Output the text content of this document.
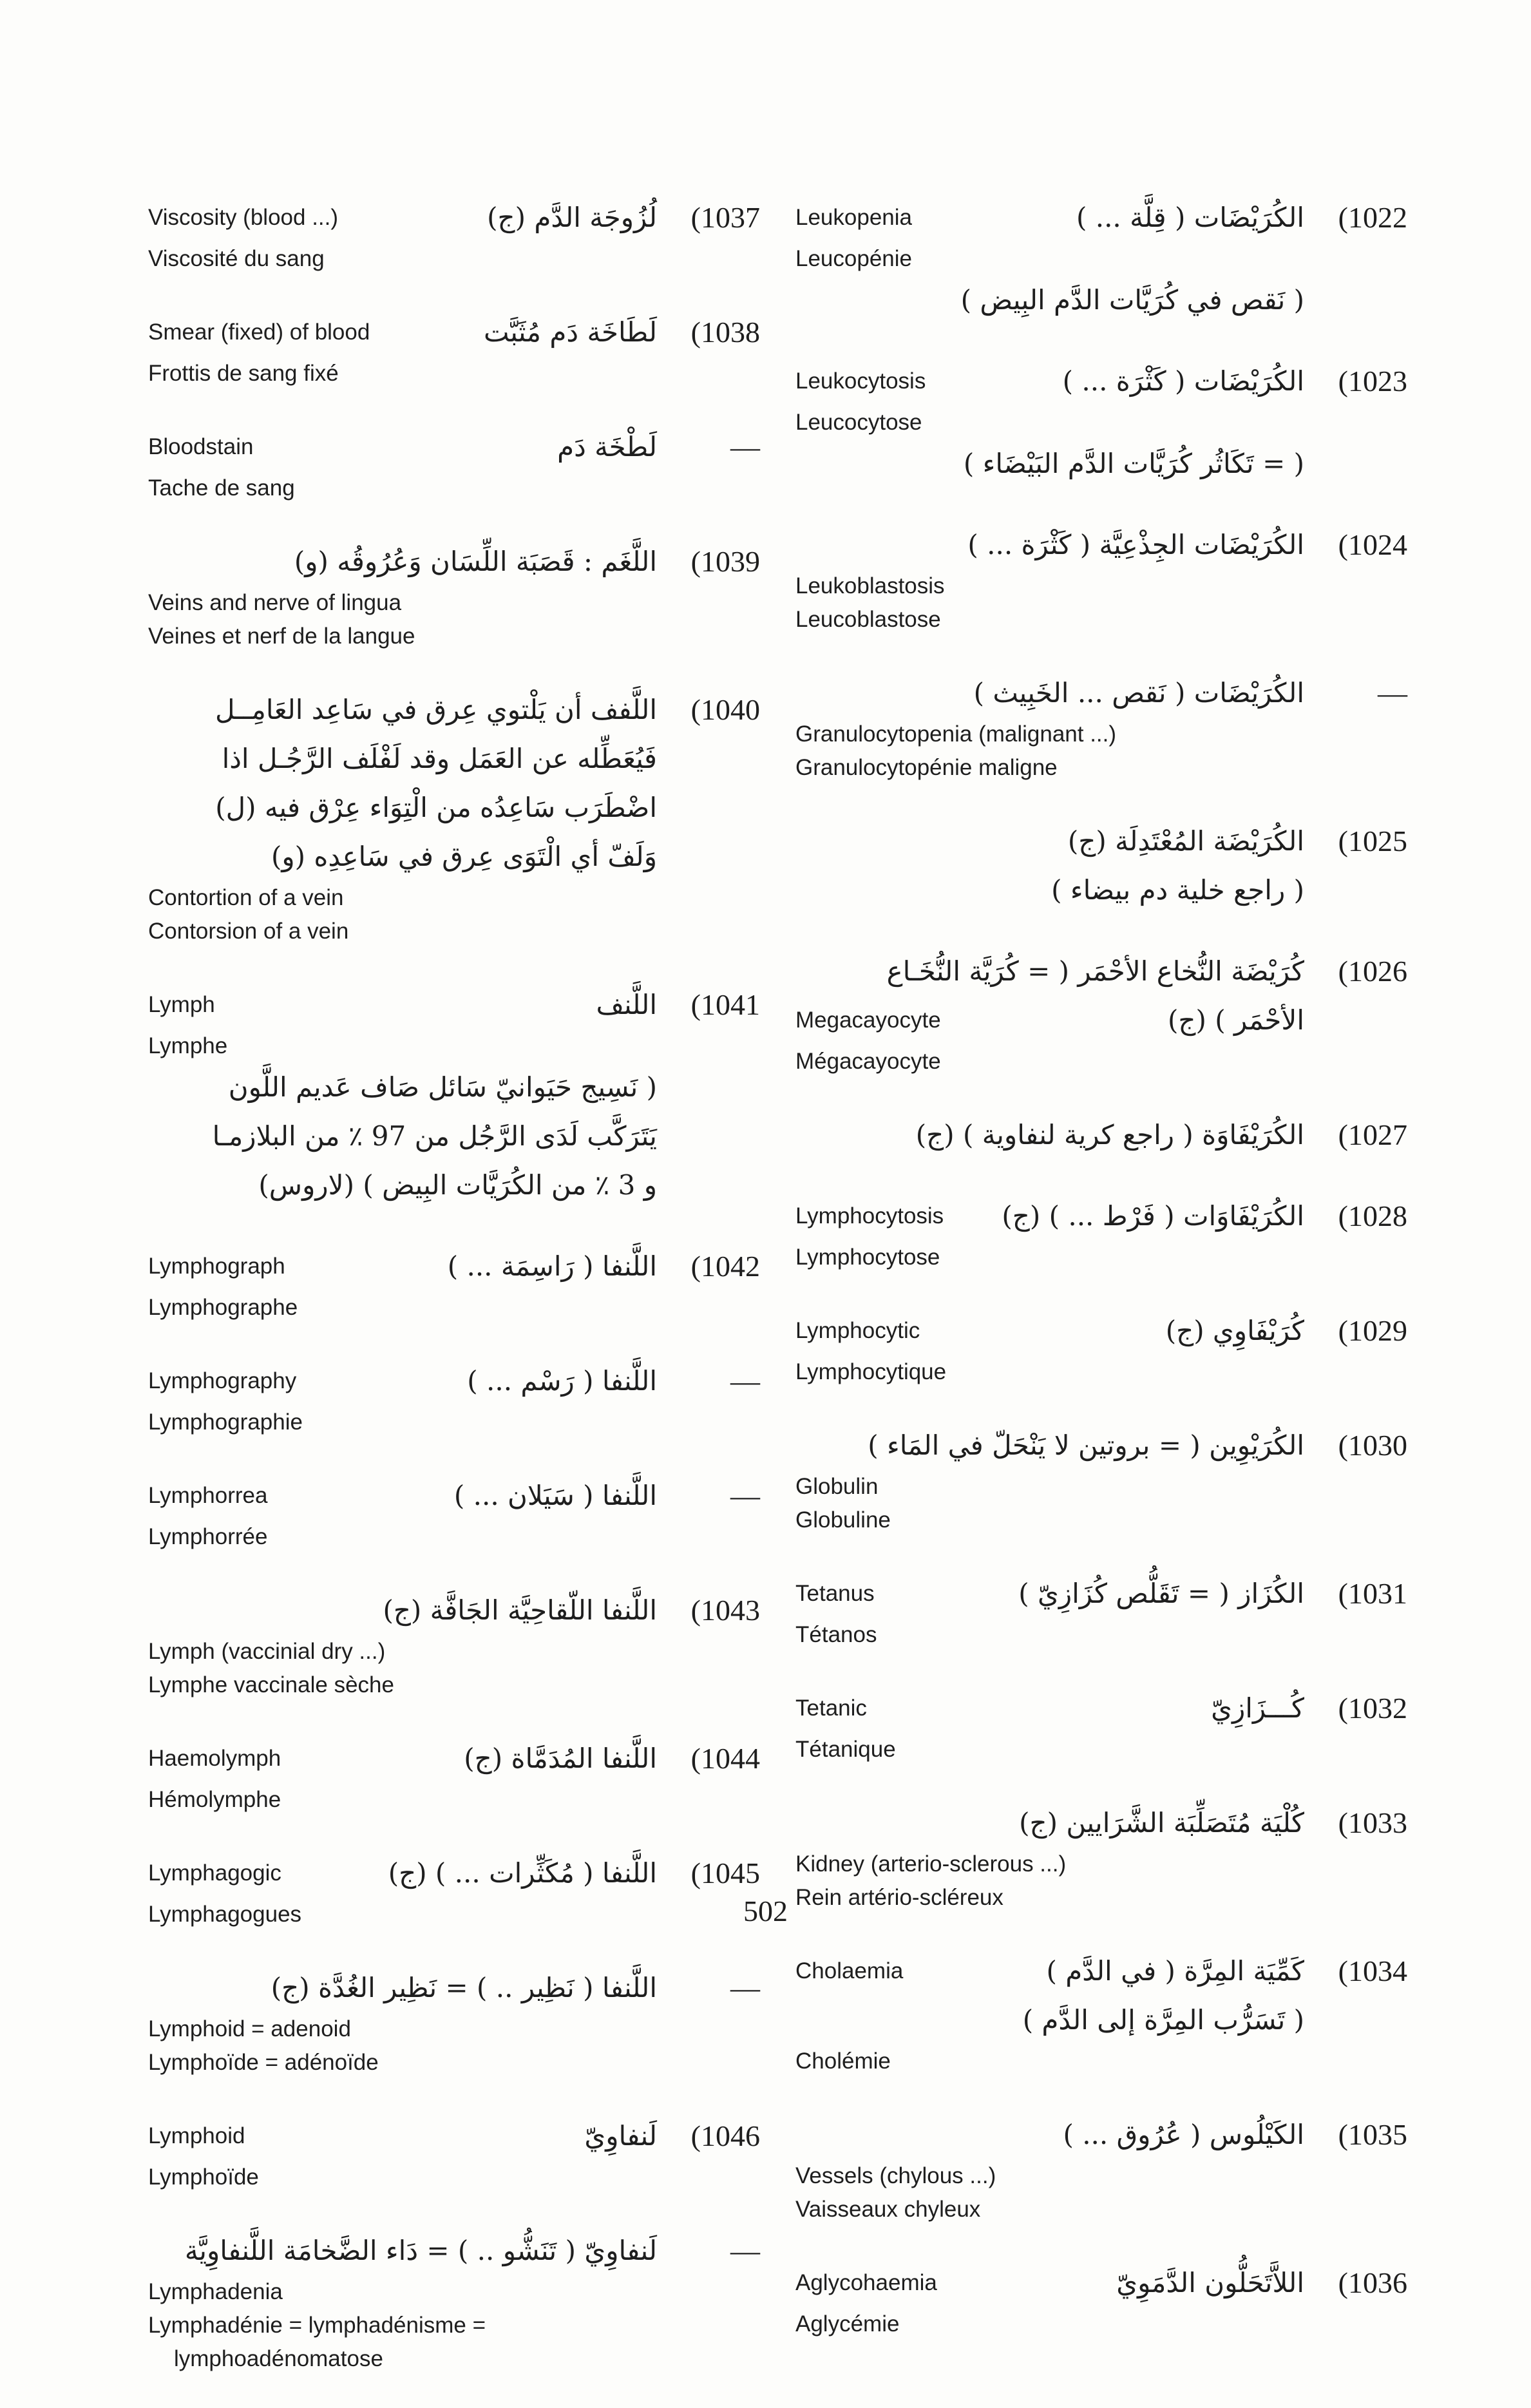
Viscosity (blood ...)	لُزُوجَة الدَّم (ج) (1037
Viscosité du sang
Smear (fixed) of blood	لَطَاخَة دَم مُثَبَّت (1038
Frottis de sang fixé
Bloodstain	لَطْخَة دَم —
Tache de sang
اللَّغَم : قَصَبَة اللِّسَان وَعُرُوقُه (و) (1039
Veins and nerve of lingua
Veines et nerf de la langue
اللَّفف أن يَلْتوي عِرق في سَاعِد العَامِــل (1040
فَيُعَطِّله عن العَمَل وقد لَفْلَف الرَّجُـل اذا
اضْطَرَب سَاعِدُه من الْتِوَاء عِرْق فيه (ل)
وَلَفّ أي الْتَوَى عِرق في سَاعِدِه (و)
Contortion of a vein
Contorsion of a vein
Lymph	اللَّنف (1041
Lymphe
( نَسِيج حَيَوانيّ سَائل صَاف عَديم اللَّون
يَتَرَكَّب لَدَى الرَّجُل من 97 ٪ من البلازمـا
و 3 ٪ من الكُرَيَّات البِيض ) (لاروس)
Lymphograph	اللَّنفا ( رَاسِمَة ... ) (1042
Lymphographe
Lymphography	اللَّنفا ( رَسْم ... ) —
Lymphographie
Lymphorrea	اللَّنفا ( سَيَلان ... ) —
Lymphorrée
اللَّنفا اللّقاحِيَّة الجَافَّة (ج) (1043
Lymph (vaccinial dry ...)
Lymphe vaccinale sèche
Haemolymph	اللَّنفا المُدَمَّاة (ج) (1044
Hémolymphe
Lymphagogic	اللَّنفا ( مُكَثِّرات ... ) (ج) (1045
Lymphagogues
اللَّنفا ( نَظِير .. ) = نَظِير الغُدَّة (ج) —
Lymphoid = adenoid
Lymphoïde = adénoïde
Lymphoid	لَنفاوِيّ (1046
Lymphoïde
لَنفاوِيّ ( تَنَشُّو .. ) = دَاء الضَّخامَة اللَّنفاوِيَّة —
Lymphadenia
Lymphadénie = lymphadénisme =
lymphoadénomatose
Leukopenia	الكُرَيْضَات ( قِلَّة ... ) (1022
Leucopénie
( نَقص في كُرَيَّات الدَّم البِيض )
Leukocytosis	الكُرَيْضَات ( كَثْرَة ... ) (1023
Leucocytose
( = تَكَاثُر كُرَيَّات الدَّم البَيْضَاء )
الكُرَيْضَات الجِذْعِيَّة ( كَثْرَة ... ) (1024
Leukoblastosis
Leucoblastose
الكُرَيْضَات ( نَقص ... الخَبِيث ) —
Granulocytopenia (malignant ...)
Granulocytopénie maligne
الكُرَيْضَة المُعْتَدِلَة (ج) (1025
( راجع خلية دم بيضاء )
كُرَيْضَة النُّخاع الأحْمَر ( = كُرَيَّة النُّخَـاع (1026
الأحْمَر ) (ج)
Megacayocyte
Mégacayocyte
الكُرَيْفَاوَة ( راجع كرية لنفاوية ) (ج) (1027
Lymphocytosis الكُرَيْفَاوَات ( فَرْط ... ) (ج) (1028
Lymphocytose
Lymphocytic	كُرَيْفَاوِي (ج) (1029
Lymphocytique
الكُرَيْوِين ( = بروتين لا يَنْحَلّ في المَاء ) (1030
Globulin
Globuline
Tetanus	الكُزَاز ( = تَقَلُّص كُزَازِيّ ) (1031
Tétanos
Tetanic	كُـــزَازِيّ (1032
Tétanique
كُلْيَة مُتَصَلِّبَة الشَّرَايين (ج) (1033
Kidney (arterio-sclerous ...)
Rein artério-scléreux
Cholaemia	كَمِّيَة المِرَّة ( في الدَّم ) (1034
( تَسَرُّب المِرَّة إلى الدَّم )
Cholémie
الكَيْلُوس ( عُرُوق ... ) (1035
Vessels (chylous ...)
Vaisseaux chyleux
Aglycohaemia	اللاَّتَحَلُّون الدَّمَوِيّ (1036
Aglycémie
502
